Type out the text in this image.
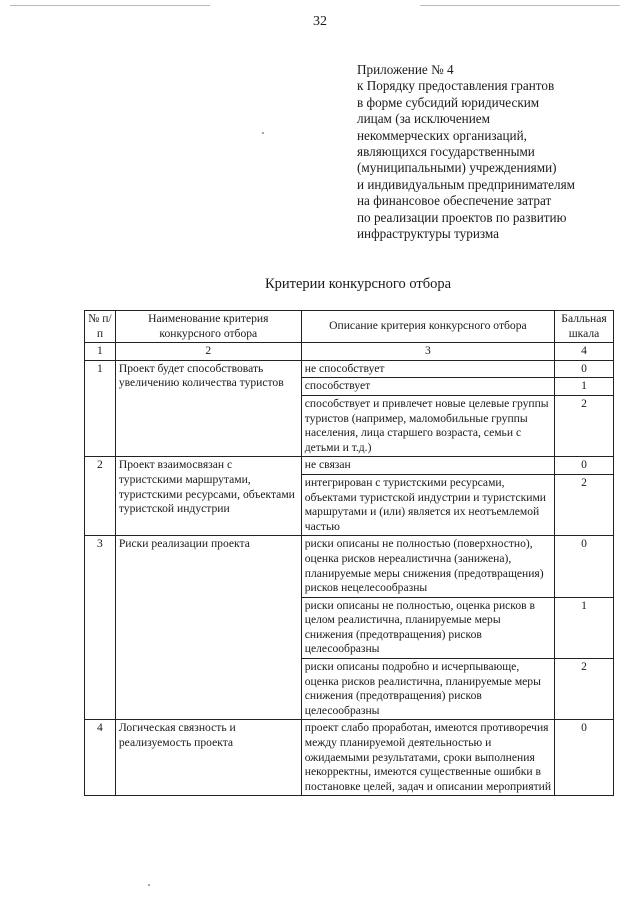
32
Приложение № 4
к Порядку предоставления грантов
в форме субсидий юридическим
лицам (за исключением
некоммерческих организаций,
являющихся государственными
(муниципальными) учреждениями)
и индивидуальным предпринимателям
на финансовое обеспечение затрат
по реализации проектов по развитию
инфраструктуры туризма
Критерии конкурсного отбора
№ п/п	Наименование критерия конкурсного отбора	Описание критерия конкурсного отбора	Балльная шкала
1	2	3	4
1	Проект будет способствовать увеличению количества туристов	не способствует	0
		способствует	1
		способствует и привлечет новые целевые группы туристов (например, маломобильные группы населения, лица старшего возраста, семьи с детьми и т.д.)	2
2	Проект взаимосвязан с туристскими маршрутами, туристскими ресурсами, объектами туристской индустрии	не связан	0
		интегрирован с туристскими ресурсами, объектами туристской индустрии и туристскими маршрутами и (или) является их неотъемлемой частью	2
3	Риски реализации проекта	риски описаны не полностью (поверхностно), оценка рисков нереалистична (занижена), планируемые меры снижения (предотвращения) рисков нецелесообразны	0
		риски описаны не полностью, оценка рисков в целом реалистична, планируемые меры снижения (предотвращения) рисков целесообразны	1
		риски описаны подробно и исчерпывающе, оценка рисков реалистична, планируемые меры снижения (предотвращения) рисков целесообразны	2
4	Логическая связность и реализуемость проекта	проект слабо проработан, имеются противоречия между планируемой деятельностью и ожидаемыми результатами, сроки выполнения некорректны, имеются существенные ошибки в постановке целей, задач и описании мероприятий	0
